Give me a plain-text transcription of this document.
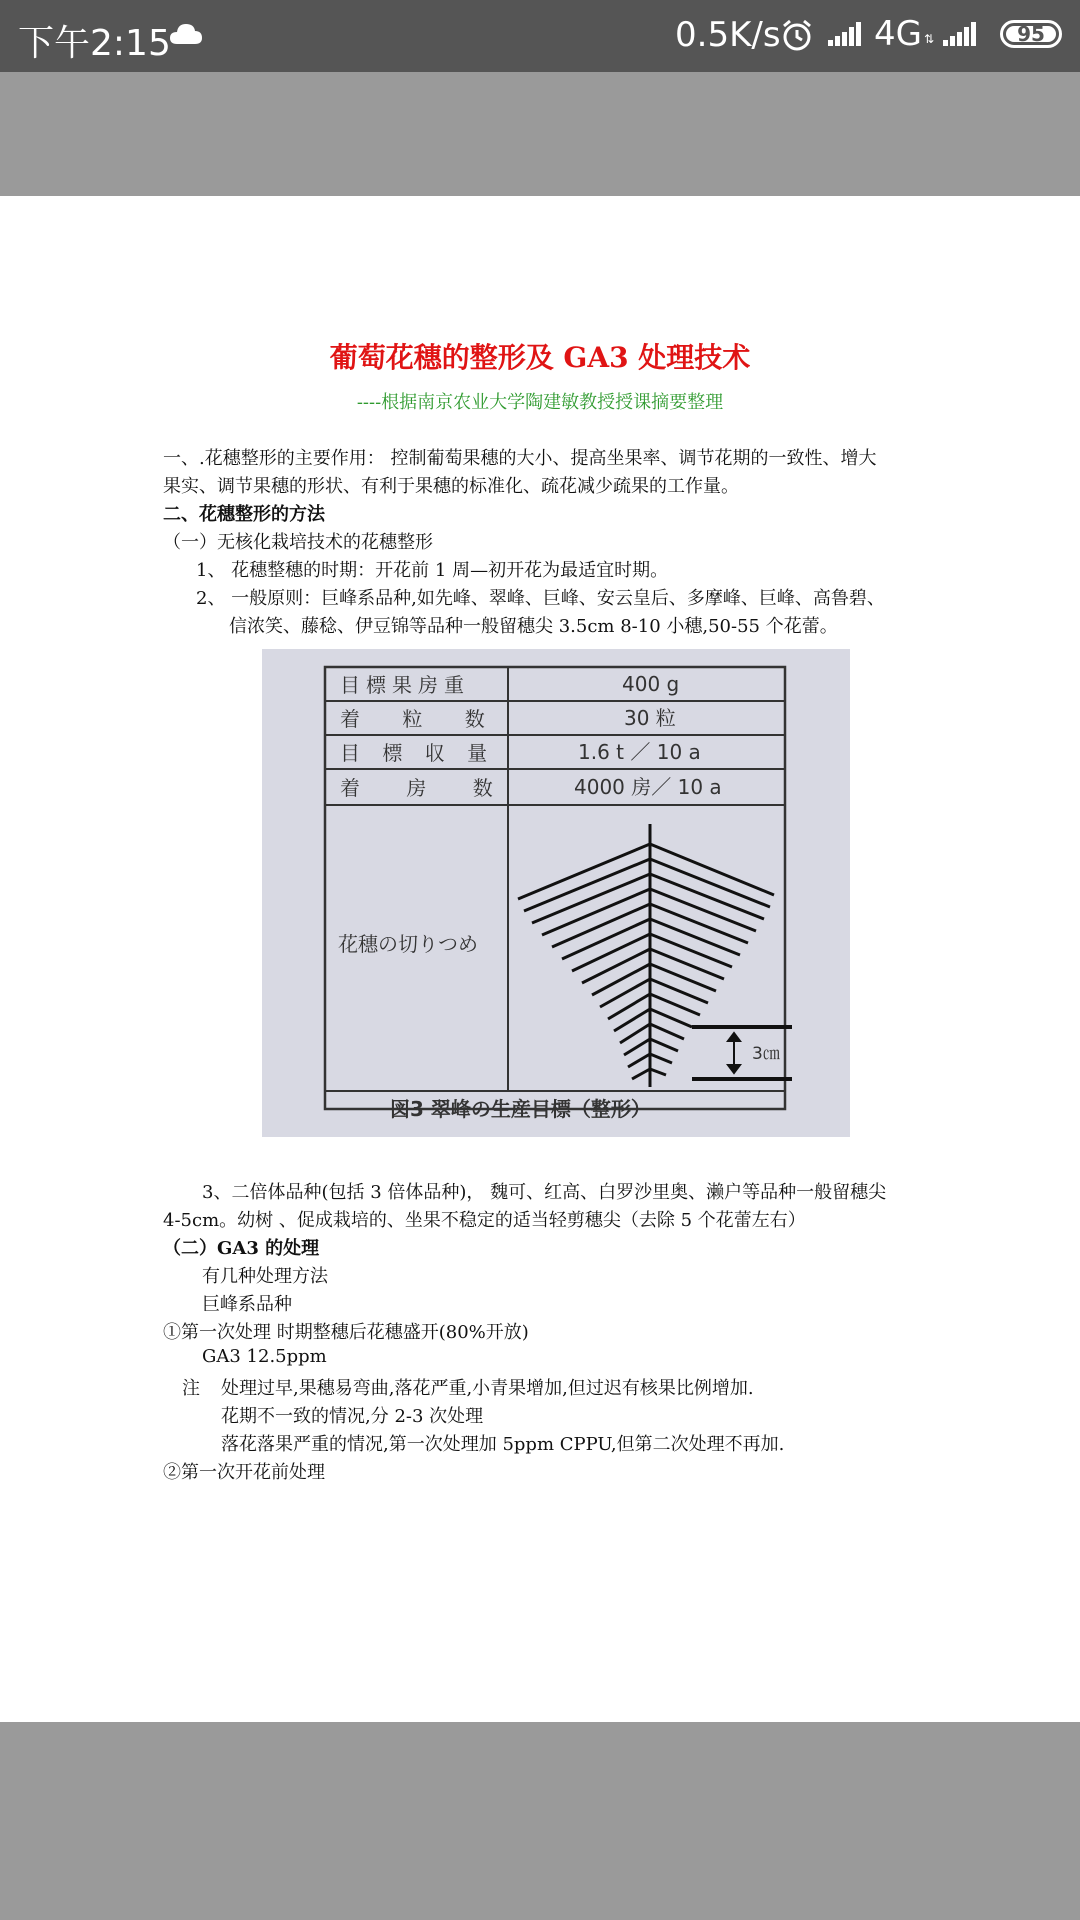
下午2:15	0.5K/s	4G ⇅	95
葡萄花穗的整形及 GA3 处理技术
----根据南京农业大学陶建敏教授授课摘要整理
一、.花穗整形的主要作用： 控制葡萄果穗的大小、提高坐果率、调节花期的一致性、增大
果实、调节果穗的形状、有利于果穗的标准化、疏花减少疏果的工作量。
二、花穗整形的方法
（一）无核化栽培技术的花穗整形
1、 花穗整穗的时期：开花前 1 周—初开花为最适宜时期。
2、 一般原则：巨峰系品种,如先峰、翠峰、巨峰、安云皇后、多摩峰、巨峰、高鲁碧、
信浓笑、藤稔、伊豆锦等品种一般留穗尖 3.5cm 8-10 小穗,50-55 个花蕾。
目標果房重	400 g
着 粒 数	30 粒
目 標 収 量	1.6 t ／ 10 a
着 房 数	4000 房／ 10 a
花穗の切りつめ
3㎝
図3 翠峰の生産目標（整形）
3、二倍体品种(包括 3 倍体品种)， 魏可、红高、白罗沙里奥、濑户等品种一般留穗尖
4-5cm。幼树 、促成栽培的、坐果不稳定的适当轻剪穗尖（去除 5 个花蕾左右）
（二）GA3 的处理
有几种处理方法
巨峰系品种
①第一次处理 时期整穗后花穗盛开(80%开放)
GA3 12.5ppm
注 处理过早,果穗易弯曲,落花严重,小青果增加,但过迟有核果比例增加.
花期不一致的情况,分 2-3 次处理
落花落果严重的情况,第一次处理加 5ppm CPPU,但第二次处理不再加.
②第一次开花前处理
